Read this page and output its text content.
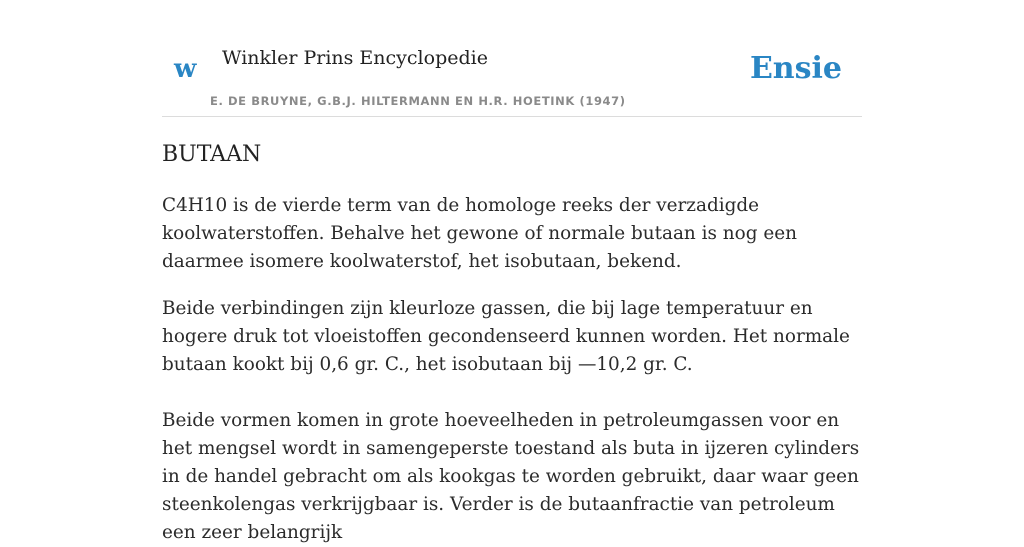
w Winkler Prins Encyclopedie
E. DE BRUYNE, G.B.J. HILTERMANN EN H.R. HOETINK (1947)
Ensie
BUTAAN

C4H10 is de vierde term van de homologe reeks der verzadigde koolwaterstoffen. Behalve het gewone of normale butaan is nog een daarmee isomere koolwaterstof, het isobutaan, bekend.

Beide verbindingen zijn kleurloze gassen, die bij lage temperatuur en hogere druk tot vloeistoffen gecondenseerd kunnen worden. Het normale butaan kookt bij 0,6 gr. C., het isobutaan bij —10,2 gr. C.

Beide vormen komen in grote hoeveelheden in petroleumgassen voor en het mengsel wordt in samengeperste toestand als buta in ijzeren cylinders in de handel gebracht om als kookgas te worden gebruikt, daar waar geen steenkolengas verkrijgbaar is. Verder is de butaanfractie van petroleum een zeer belangrijk
